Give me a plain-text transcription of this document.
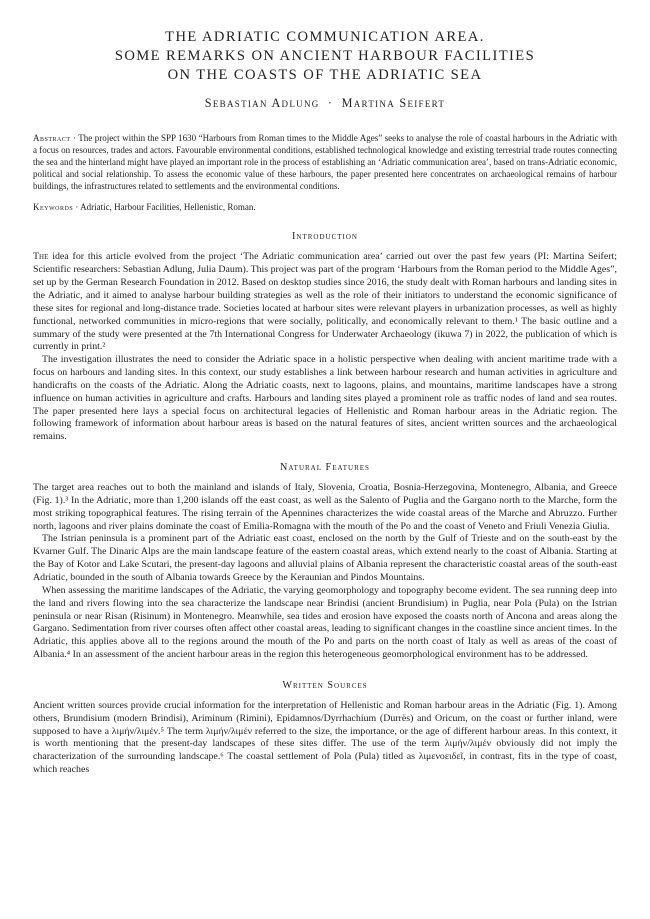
THE ADRIATIC COMMUNICATION AREA.
SOME REMARKS ON ANCIENT HARBOUR FACILITIES
ON THE COASTS OF THE ADRIATIC SEA
Sebastian Adlung · Martina Seifert

Abstract · The project within the SPP 1630 “Harbours from Roman times to the Middle Ages” seeks to analyse the role of coastal harbours in the Adriatic with a focus on resources, trades and actors. Favourable environmental conditions, established technological knowledge and existing terrestrial trade routes connecting the sea and the hinterland might have played an important role in the process of establishing an ‘Adriatic communication area’, based on trans-Adriatic economic, political and social relationship. To assess the economic value of these harbours, the paper presented here concentrates on archaeological remains of harbour buildings, the infrastructures related to settlements and the environmental conditions.

Keywords · Adriatic, Harbour Facilities, Hellenistic, Roman.

Introduction

The idea for this article evolved from the project ‘The Adriatic communication area’ carried out over the past few years (PI: Martina Seifert; Scientific researchers: Sebastian Adlung, Julia Daum). This project was part of the program ‘Harbours from the Roman period to the Middle Ages”, set up by the German Research Foundation in 2012. Based on desktop studies since 2016, the study dealt with Roman harbours and landing sites in the Adriatic, and it aimed to analyse harbour building strategies as well as the role of their initiators to understand the economic significance of these sites for regional and long-distance trade. Societies located at harbour sites were relevant players in urbanization processes, as well as highly functional, networked communities in micro-regions that were socially, politically, and economically relevant to them.¹ The basic outline and a summary of the study were presented at the 7th International Congress for Underwater Archaeology (ikuwa 7) in 2022, the publication of which is currently in print.²

The investigation illustrates the need to consider the Adriatic space in a holistic perspective when dealing with ancient maritime trade with a focus on harbours and landing sites. In this context, our study establishes a link between harbour research and human activities in agriculture and handicrafts on the coasts of the Adriatic. Along the Adriatic coasts, next to lagoons, plains, and mountains, maritime landscapes have a strong influence on human activities in agriculture and crafts. Harbours and landing sites played a prominent role as traffic nodes of land and sea routes. The paper presented here lays a special focus on architectural legacies of Hellenistic and Roman harbour areas in the Adriatic region. The following framework of information about harbour areas is based on the natural features of sites, ancient written sources and the archaeological remains.

Natural Features

The target area reaches out to both the mainland and islands of Italy, Slovenia, Croatia, Bosnia-Herzegovina, Montenegro, Albania, and Greece (Fig. 1).³ In the Adriatic, more than 1,200 islands off the east coast, as well as the Salento of Puglia and the Gargano north to the Marche, form the most striking topographical features. The rising terrain of the Apennines characterizes the wide coastal areas of the Marche and Abruzzo. Further north, lagoons and river plains dominate the coast of Emilia-Romagna with the mouth of the Po and the coast of Veneto and Friuli Venezia Giulia.

The Istrian peninsula is a prominent part of the Adriatic east coast, enclosed on the north by the Gulf of Trieste and on the south-east by the Kvarner Gulf. The Dinaric Alps are the main landscape feature of the eastern coastal areas, which extend nearly to the coast of Albania. Starting at the Bay of Kotor and Lake Scutari, the present-day lagoons and alluvial plains of Albania represent the characteristic coastal areas of the south-east Adriatic, bounded in the south of Albania towards Greece by the Keraunian and Pindos Mountains.

When assessing the maritime landscapes of the Adriatic, the varying geomorphology and topography become evident. The sea running deep into the land and rivers flowing into the sea characterize the landscape near Brindisi (ancient Brundisium) in Puglia, near Pola (Pula) on the Istrian peninsula or near Risan (Risinum) in Montenegro. Meanwhile, sea tides and erosion have exposed the coasts north of Ancona and areas along the Gargano. Sedimentation from river courses often affect other coastal areas, leading to significant changes in the coastline since ancient times. In the Adriatic, this applies above all to the regions around the mouth of the Po and parts on the north coast of Italy as well as areas of the coast of Albania.⁴ In an assessment of the ancient harbour areas in the region this heterogeneous geomorphological environment has to be addressed.

Written Sources

Ancient written sources provide crucial information for the interpretation of Hellenistic and Roman harbour areas in the Adriatic (Fig. 1). Among others, Brundisium (modern Brindisi), Ariminum (Rimini), Epidamnos/Dyrrhachium (Durrës) and Oricum, on the coast or further inland, were supposed to have a λιμήν/λιμέν.⁵ The term λιμήν/λιμέν referred to the size, the importance, or the age of different harbour areas. In this context, it is worth mentioning that the present-day landscapes of these sites differ. The use of the term λιμήν/λιμέν obviously did not imply the characterization of the surrounding landscape.⁶ The coastal settlement of Pola (Pula) titled as λιμενοειδεῖ, in contrast, fits in the type of coast, which reaches
